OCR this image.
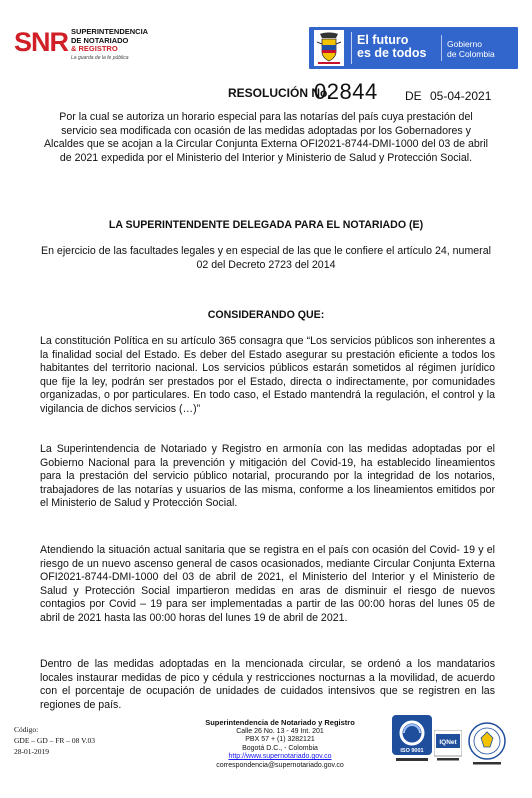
SNR SUPERINTENDENCIA
DE NOTARIADO
& REGISTRO
La guarda de la fe pública
El futuro
es de todos
Gobierno
de Colombia
RESOLUCIÓN No.
02844 DE 05-04-2021
Por la cual se autoriza un horario especial para las notarías del país cuya prestación del servicio sea modificada con ocasión de las medidas adoptadas por los Gobernadores y Alcaldes que se acojan a la Circular Conjunta Externa OFI2021-8744-DMI-1000 del 03 de abril de 2021 expedida por el Ministerio del Interior y Ministerio de Salud y Protección Social.
LA SUPERINTENDENTE DELEGADA PARA EL NOTARIADO (E)
En ejercicio de las facultades legales y en especial de las que le confiere el artículo 24, numeral 02 del Decreto 2723 del 2014
CONSIDERANDO QUE:
La constitución Política en su artículo 365 consagra que “Los servicios públicos son inherentes a la finalidad social del Estado. Es deber del Estado asegurar su prestación eficiente a todos los habitantes del territorio nacional. Los servicios públicos estarán sometidos al régimen jurídico que fije la ley, podrán ser prestados por el Estado, directa o indirectamente, por comunidades organizadas, o por particulares. En todo caso, el Estado mantendrá la regulación, el control y la vigilancia de dichos servicios (…)”
La Superintendencia de Notariado y Registro en armonía con las medidas adoptadas por el Gobierno Nacional para la prevención y mitigación del Covid-19, ha establecido lineamientos para la prestación del servicio público notarial, procurando por la integridad de los notarios, trabajadores de las notarías y usuarios de las misma, conforme a los lineamientos emitidos por el Ministerio de Salud y Protección Social.
Atendiendo la situación actual sanitaria que se registra en el país con ocasión del Covid- 19 y el riesgo de un nuevo ascenso general de casos ocasionados, mediante Circular Conjunta Externa OFI2021-8744-DMI-1000 del 03 de abril de 2021, el Ministerio del Interior y el Ministerio de Salud y Protección Social impartieron medidas en aras de disminuir el riesgo de nuevos contagios por Covid – 19 para ser implementadas a partir de las 00:00 horas del lunes 05 de abril de 2021 hasta las 00:00 horas del lunes 19 de abril de 2021.
Dentro de las medidas adoptadas en la mencionada circular, se ordenó a los mandatarios locales instaurar medidas de pico y cédula y restricciones nocturnas a la movilidad, de acuerdo con el porcentaje de ocupación de unidades de cuidados intensivos que se registren en las regiones de país.
Código:
GDE – GD – FR – 08 V.03
28-01-2019
Superintendencia de Notariado y Registro
Calle 26 No. 13 - 49 Int. 201
PBX 57 + (1) 3282121
Bogotá D.C., - Colombia
http://www.supernotariado.gov.co
correspondencia@supernotariado.gov.co
ISO 9001
IQNet
